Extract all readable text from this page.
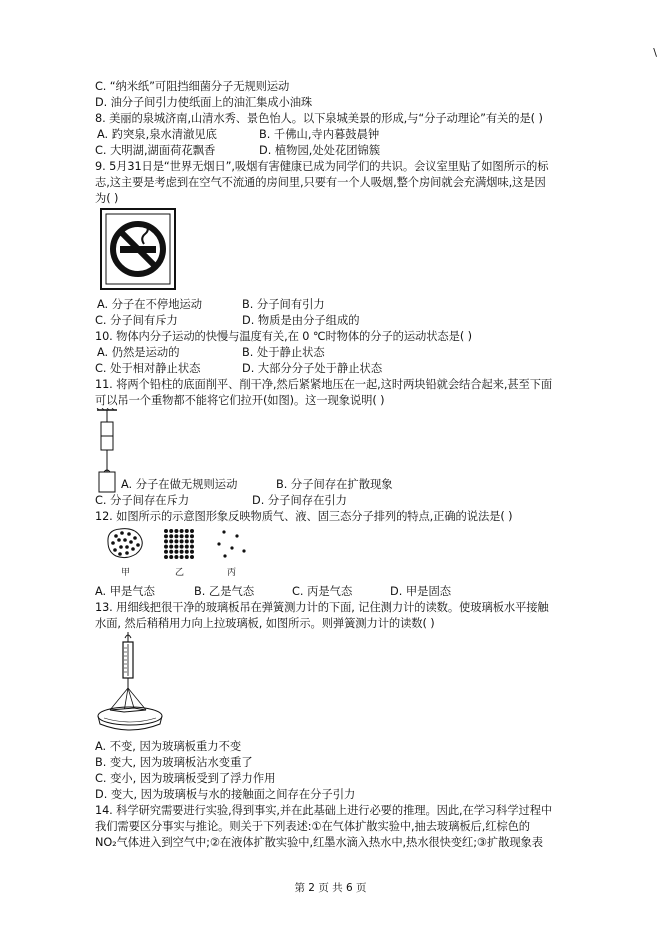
\
C. “纳米纸”可阻挡细菌分子无规则运动
D. 油分子间引力使纸面上的油汇集成小油珠
8. 美丽的泉城济南,山清水秀、景色怡人。以下泉城美景的形成,与“分子动理论”有关的是( )
A. 趵突泉,泉水清澈见底	B. 千佛山,寺内暮鼓晨钟
C. 大明湖,湖面荷花飘香	D. 植物园,处处花团锦簇
9. 5月31日是“世界无烟日”,吸烟有害健康已成为同学们的共识。会议室里贴了如图所示的标
志,这主要是考虑到在空气不流通的房间里,只要有一个人吸烟,整个房间就会充满烟味,这是因
为( )
A. 分子在不停地运动	B. 分子间有引力
C. 分子间有斥力	D. 物质是由分子组成的
10. 物体内分子运动的快慢与温度有关,在 0 ℃时物体的分子的运动状态是( )
A. 仍然是运动的	B. 处于静止状态
C. 处于相对静止状态	D. 大部分分子处于静止状态
11. 将两个铅柱的底面削平、削干净,然后紧紧地压在一起,这时两块铅就会结合起来,甚至下面
可以吊一个重物都不能将它们拉开(如图)。这一现象说明( )
A. 分子在做无规则运动	B. 分子间存在扩散现象
C. 分子间存在斥力	D. 分子间存在引力
12. 如图所示的示意图形象反映物质气、液、固三态分子排列的特点,正确的说法是( )
甲	乙	丙
A. 甲是气态	B. 乙是气态	C. 丙是气态	D. 甲是固态
13. 用细线把很干净的玻璃板吊在弹簧测力计的下面, 记住测力计的读数。使玻璃板水平接触
水面, 然后稍稍用力向上拉玻璃板, 如图所示。则弹簧测力计的读数( )
A. 不变, 因为玻璃板重力不变
B. 变大, 因为玻璃板沾水变重了
C. 变小, 因为玻璃板受到了浮力作用
D. 变大, 因为玻璃板与水的接触面之间存在分子引力
14. 科学研究需要进行实验,得到事实,并在此基础上进行必要的推理。因此,在学习科学过程中
我们需要区分事实与推论。则关于下列表述:①在气体扩散实验中,抽去玻璃板后,红棕色的
NO₂气体进入到空气中;②在液体扩散实验中,红墨水滴入热水中,热水很快变红;③扩散现象表
第 2 页 共 6 页
